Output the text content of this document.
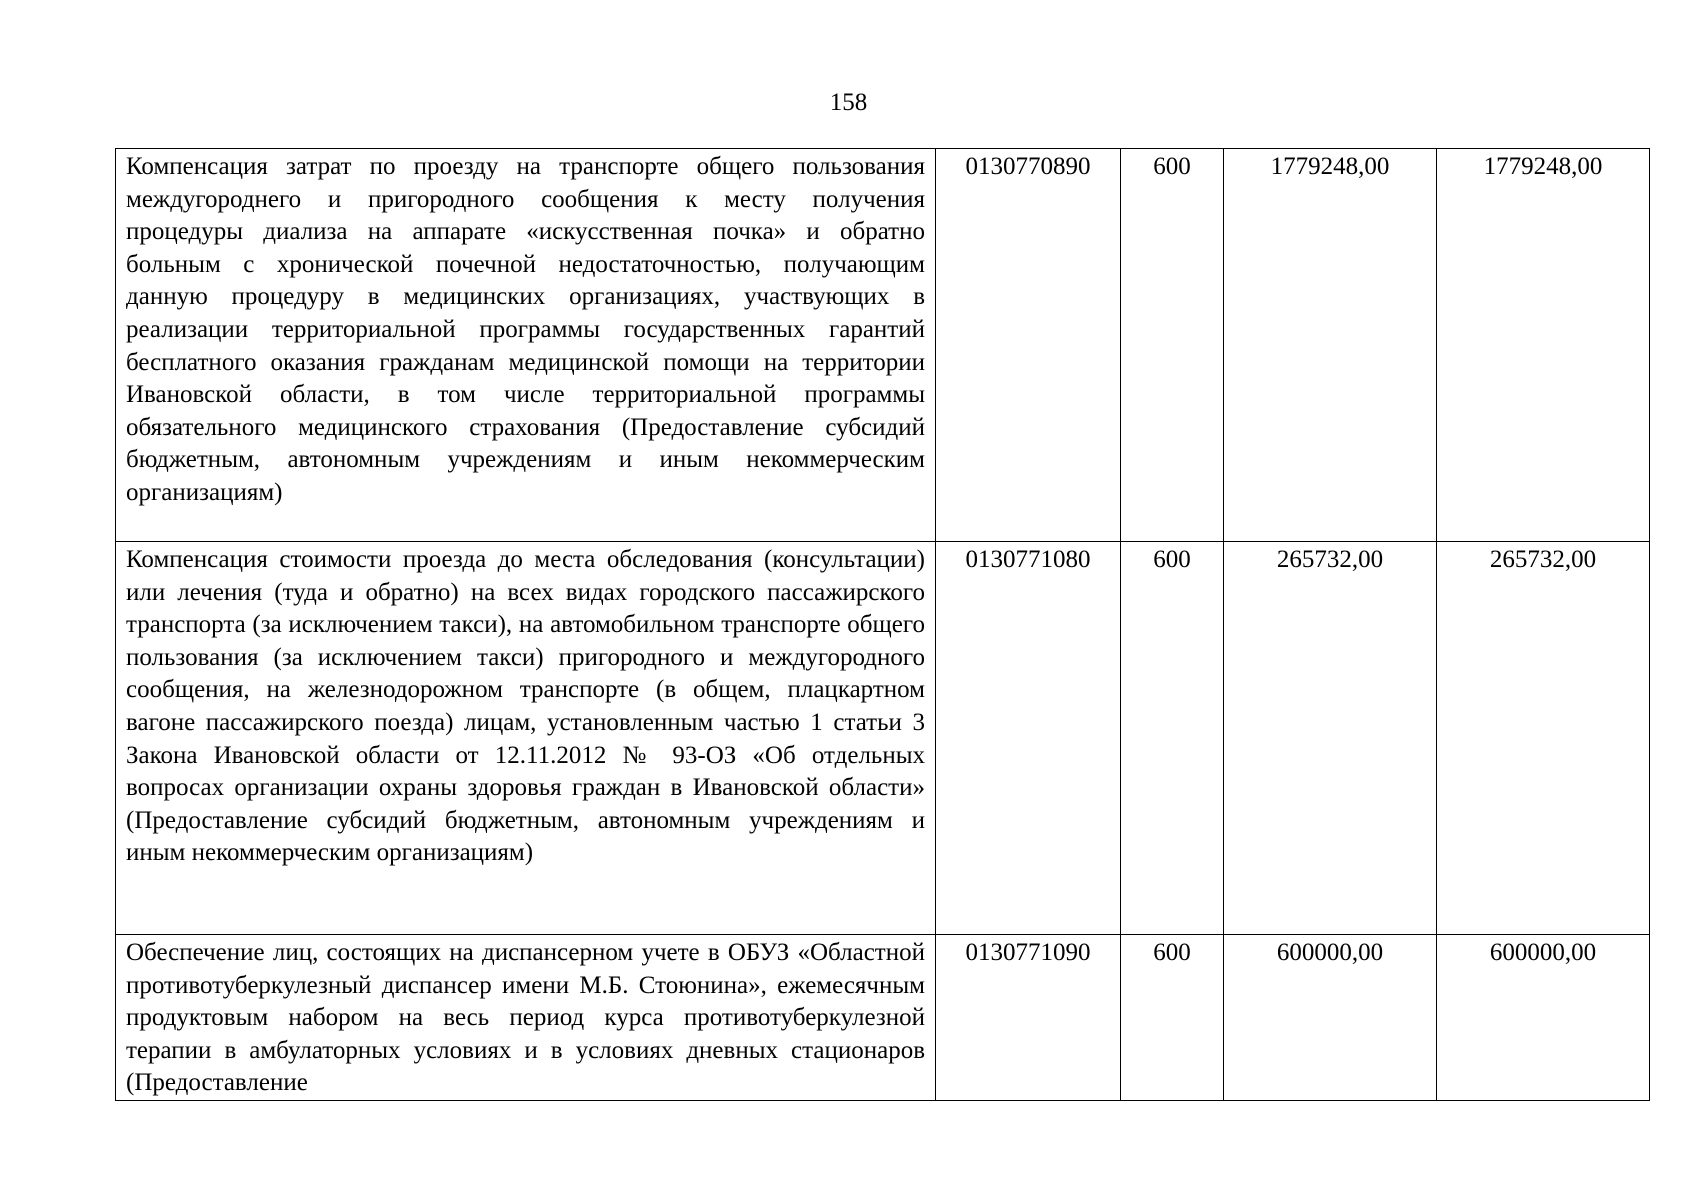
158
Компенсация затрат по проезду на транспорте общего пользования междугороднего и пригородного сообщения к месту получения процедуры диализа на аппарате «искусственная почка» и обратно больным с хронической почечной недостаточностью, получающим данную процедуру в медицинских организациях, участвующих в реализации территориальной программы государственных гарантий бесплатного оказания гражданам медицинской помощи на территории Ивановской области, в том числе территориальной программы обязательного медицинского страхования (Предоставление субсидий бюджетным, автономным учреждениям и иным некоммерческим организациям)	0130770890	600	1779248,00	1779248,00
Компенсация стоимости проезда до места обследования (консультации) или лечения (туда и обратно) на всех видах городского пассажирского транспорта (за исключением такси), на автомобильном транспорте общего пользования (за исключением такси) пригородного и междугородного сообщения, на железнодорожном транспорте (в общем, плацкартном вагоне пассажирского поезда) лицам, установленным частью 1 статьи 3 Закона Ивановской области от 12.11.2012 № 93-ОЗ «Об отдельных вопросах организации охраны здоровья граждан в Ивановской области» (Предоставление субсидий бюджетным, автономным учреждениям и иным некоммерческим организациям)	0130771080	600	265732,00	265732,00
Обеспечение лиц, состоящих на диспансерном учете в ОБУЗ «Областной противотуберкулезный диспансер имени М.Б. Стоюнина», ежемесячным продуктовым набором на весь период курса противотуберкулезной терапии в амбулаторных условиях и в условиях дневных стационаров (Предоставление	0130771090	600	600000,00	600000,00
